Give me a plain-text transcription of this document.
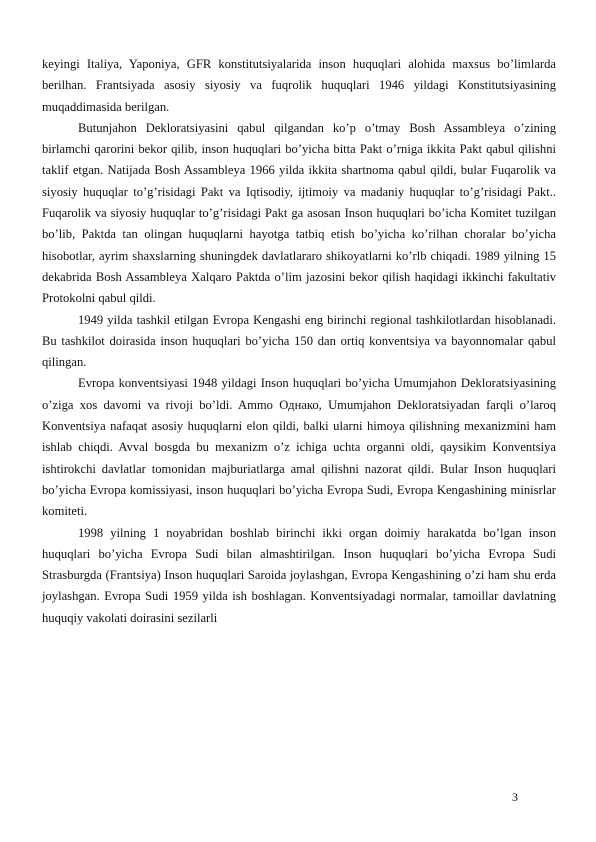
keyingi Italiya, Yaponiya, GFR konstitutsiyalarida inson huquqlari alohida maxsus bo’limlarda berilhan. Frantsiyada asosiy siyosiy va fuqrolik huquqlari 1946 yildagi Konstitutsiyasining muqaddimasida berilgan.

Butunjahon Dekloratsiyasini qabul qilgandan ko’p o’tmay Bosh Assambleya o’zining birlamchi qarorini bekor qilib, inson huquqlari bo’yicha bitta Pakt o’rniga ikkita Pakt qabul qilishni taklif etgan. Natijada Bosh Assambleya 1966 yilda ikkita shartnoma qabul qildi, bular Fuqarolik va siyosiy huquqlar to’g’risidagi Pakt va Iqtisodiy, ijtimoiy va madaniy huquqlar to’g’risidagi Pakt.. Fuqarolik va siyosiy huquqlar to’g’risidagi Pakt ga asosan Inson huquqlari bo’icha Komitet tuzilgan bo’lib, Paktda tan olingan huquqlarni hayotga tatbiq etish bo’yicha ko’rilhan choralar bo’yicha hisobotlar, ayrim shaxslarning shuningdek davlatlararo shikoyatlarni ko’rlb chiqadi. 1989 yilning 15 dekabrida Bosh Assambleya Xalqaro Paktda o’lim jazosini bekor qilish haqidagi ikkinchi fakultativ Protokolni qabul qildi.

1949 yilda tashkil etilgan Evropa Kengashi eng birinchi regional tashkilotlardan hisoblanadi. Bu tashkilot doirasida inson huquqlari bo’yicha 150 dan ortiq konventsiya va bayonnomalar qabul qilingan.

Evropa konventsiyasi 1948 yildagi Inson huquqlari bo’yicha Umumjahon Dekloratsiyasining o’ziga xos davomi va rivoji bo’ldi. Ammo Однако, Umumjahon Dekloratsiyadan farqli o’laroq Konventsiya nafaqat asosiy huquqlarni elon qildi, balki ularni himoya qilishning mexanizmini ham ishlab chiqdi. Avval bosgda bu mexanizm o’z ichiga uchta organni oldi, qaysikim Konventsiya ishtirokchi davlatlar tomonidan majburiatlarga amal qilishni nazorat qildi. Bular Inson huquqlari bo’yicha Evropa komissiyasi, inson huquqlari bo’yicha Evropa Sudi, Evropa Kengashining minisrlar komiteti.

1998 yilning 1 noyabridan boshlab birinchi ikki organ doimiy harakatda bo’lgan inson huquqlari bo’yicha Evropa Sudi bilan almashtirilgan. Inson huquqlari bo’yicha Evropa Sudi Strasburgda (Frantsiya) Inson huquqlari Saroida joylashgan, Evropa Kengashining o’zi ham shu erda joylashgan. Evropa Sudi 1959 yilda ish boshlagan. Konventsiyadagi normalar, tamoillar davlatning huquqiy vakolati doirasini sezilarli

3
